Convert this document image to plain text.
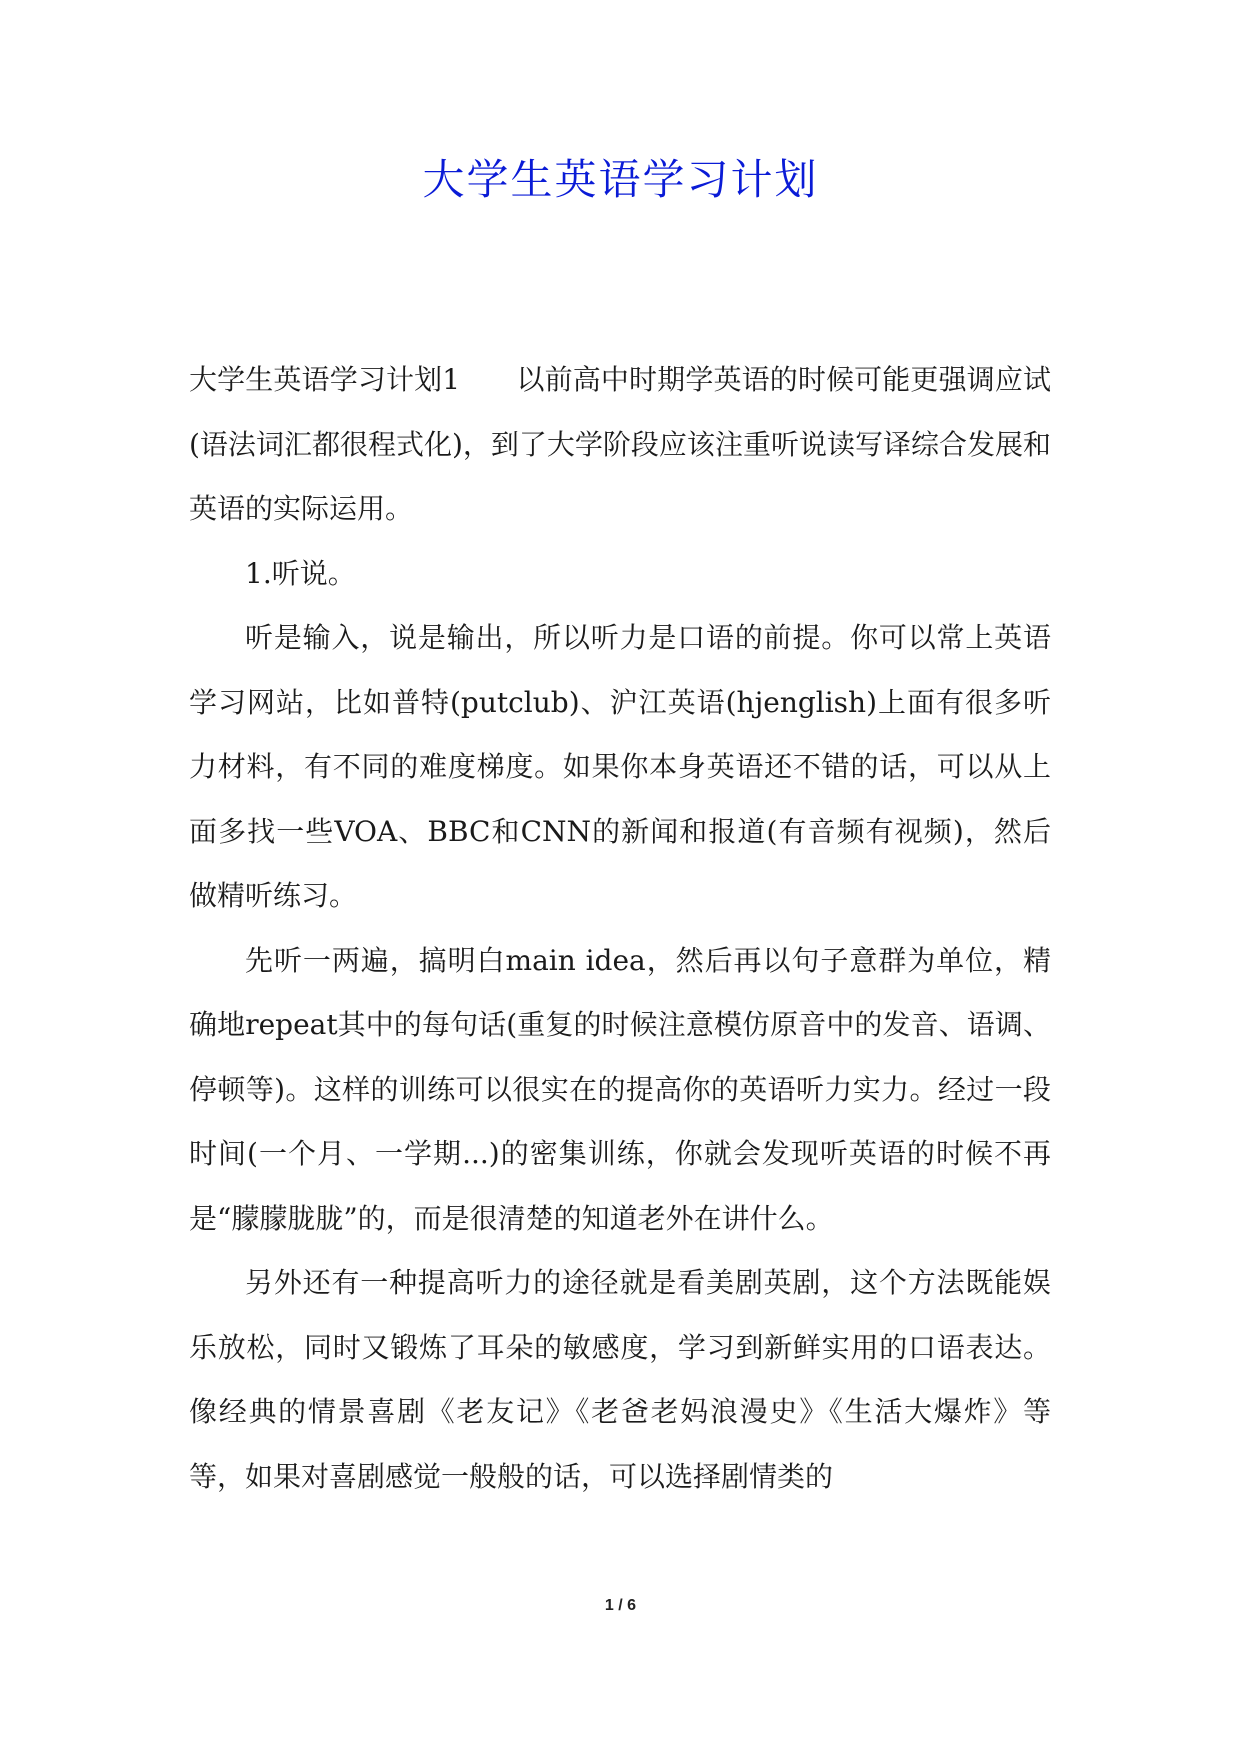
大学生英语学习计划

大学生英语学习计划1　　以前高中时期学英语的时候可能更强调应试(语法词汇都很程式化)，到了大学阶段应该注重听说读写译综合发展和英语的实际运用。

1.听说。

听是输入，说是输出，所以听力是口语的前提。你可以常上英语学习网站，比如普特(putclub)、沪江英语(hjenglish)上面有很多听力材料，有不同的难度梯度。如果你本身英语还不错的话，可以从上面多找一些VOA、BBC和CNN的新闻和报道(有音频有视频)，然后做精听练习。

先听一两遍，搞明白main idea，然后再以句子意群为单位，精确地repeat其中的每句话(重复的时候注意模仿原音中的发音、语调、停顿等)。这样的训练可以很实在的提高你的英语听力实力。经过一段时间(一个月、一学期...)的密集训练，你就会发现听英语的时候不再是“朦朦胧胧”的，而是很清楚的知道老外在讲什么。

另外还有一种提高听力的途径就是看美剧英剧，这个方法既能娱乐放松，同时又锻炼了耳朵的敏感度，学习到新鲜实用的口语表达。像经典的情景喜剧《老友记》《老爸老妈浪漫史》《生活大爆炸》等等，如果对喜剧感觉一般般的话，可以选择剧情类的

1 / 6
